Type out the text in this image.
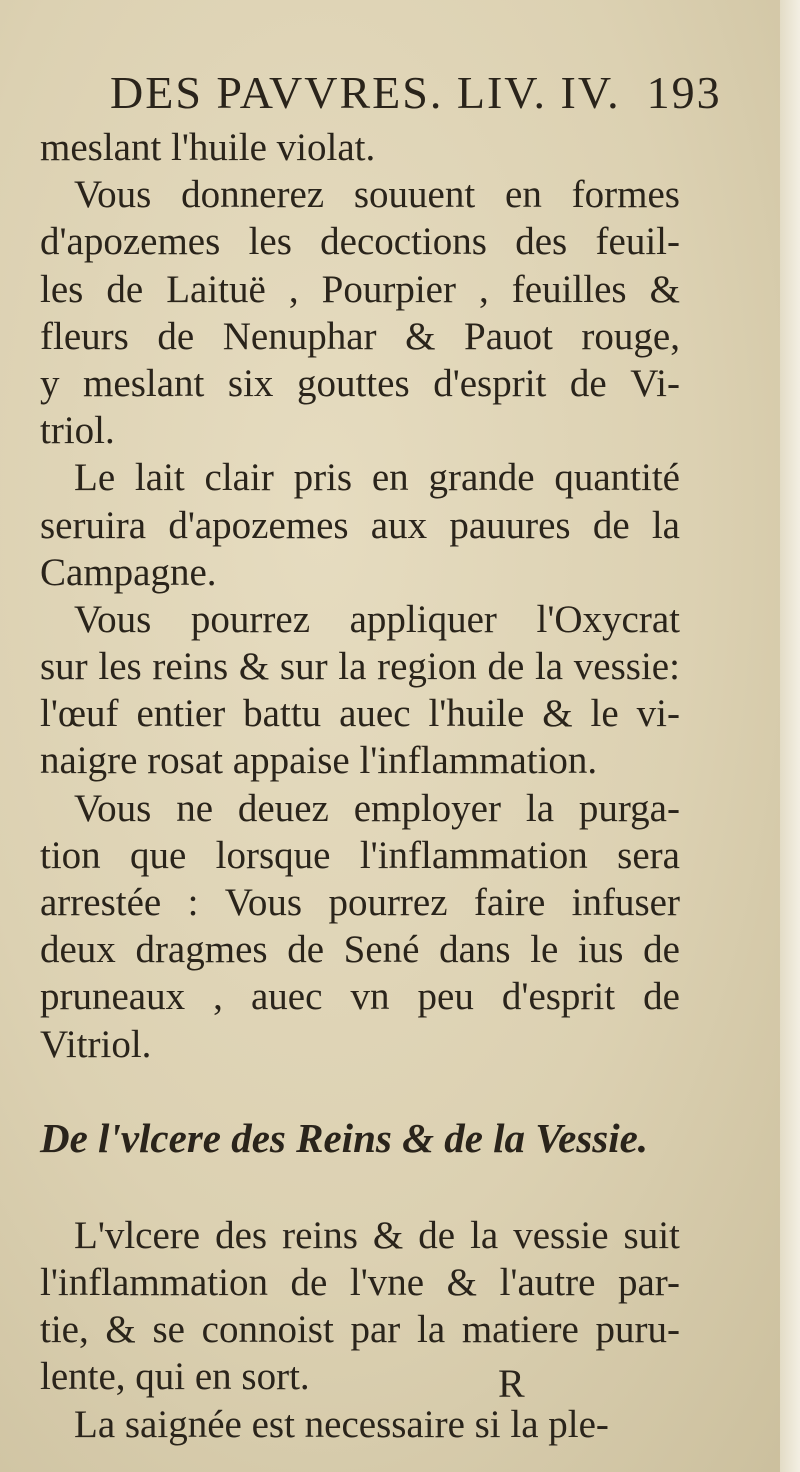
DES PAVVRES. LIV. IV. 193
meslant l'huile violat.
Vous donnerez souuent en formes
d'apozemes les decoctions des feuil-
les de Laituë , Pourpier , feuilles &
fleurs de Nenuphar & Pauot rouge,
y meslant six gouttes d'esprit de Vi-
triol.
Le lait clair pris en grande quantité
seruira d'apozemes aux pauures de la
Campagne.
Vous pourrez appliquer l'Oxycrat
sur les reins & sur la region de la vessie:
l'œuf entier battu auec l'huile & le vi-
naigre rosat appaise l'inflammation.
Vous ne deuez employer la purga-
tion que lorsque l'inflammation sera
arrestée : Vous pourrez faire infuser
deux dragmes de Sené dans le ius de
pruneaux , auec vn peu d'esprit de
Vitriol.
De l'vlcere des Reins & de la Vessie.
L'vlcere des reins & de la vessie suit
l'inflammation de l'vne & l'autre par-
tie, & se connoist par la matiere puru-
lente, qui en sort.
La saignée est necessaire si la ple-
R
